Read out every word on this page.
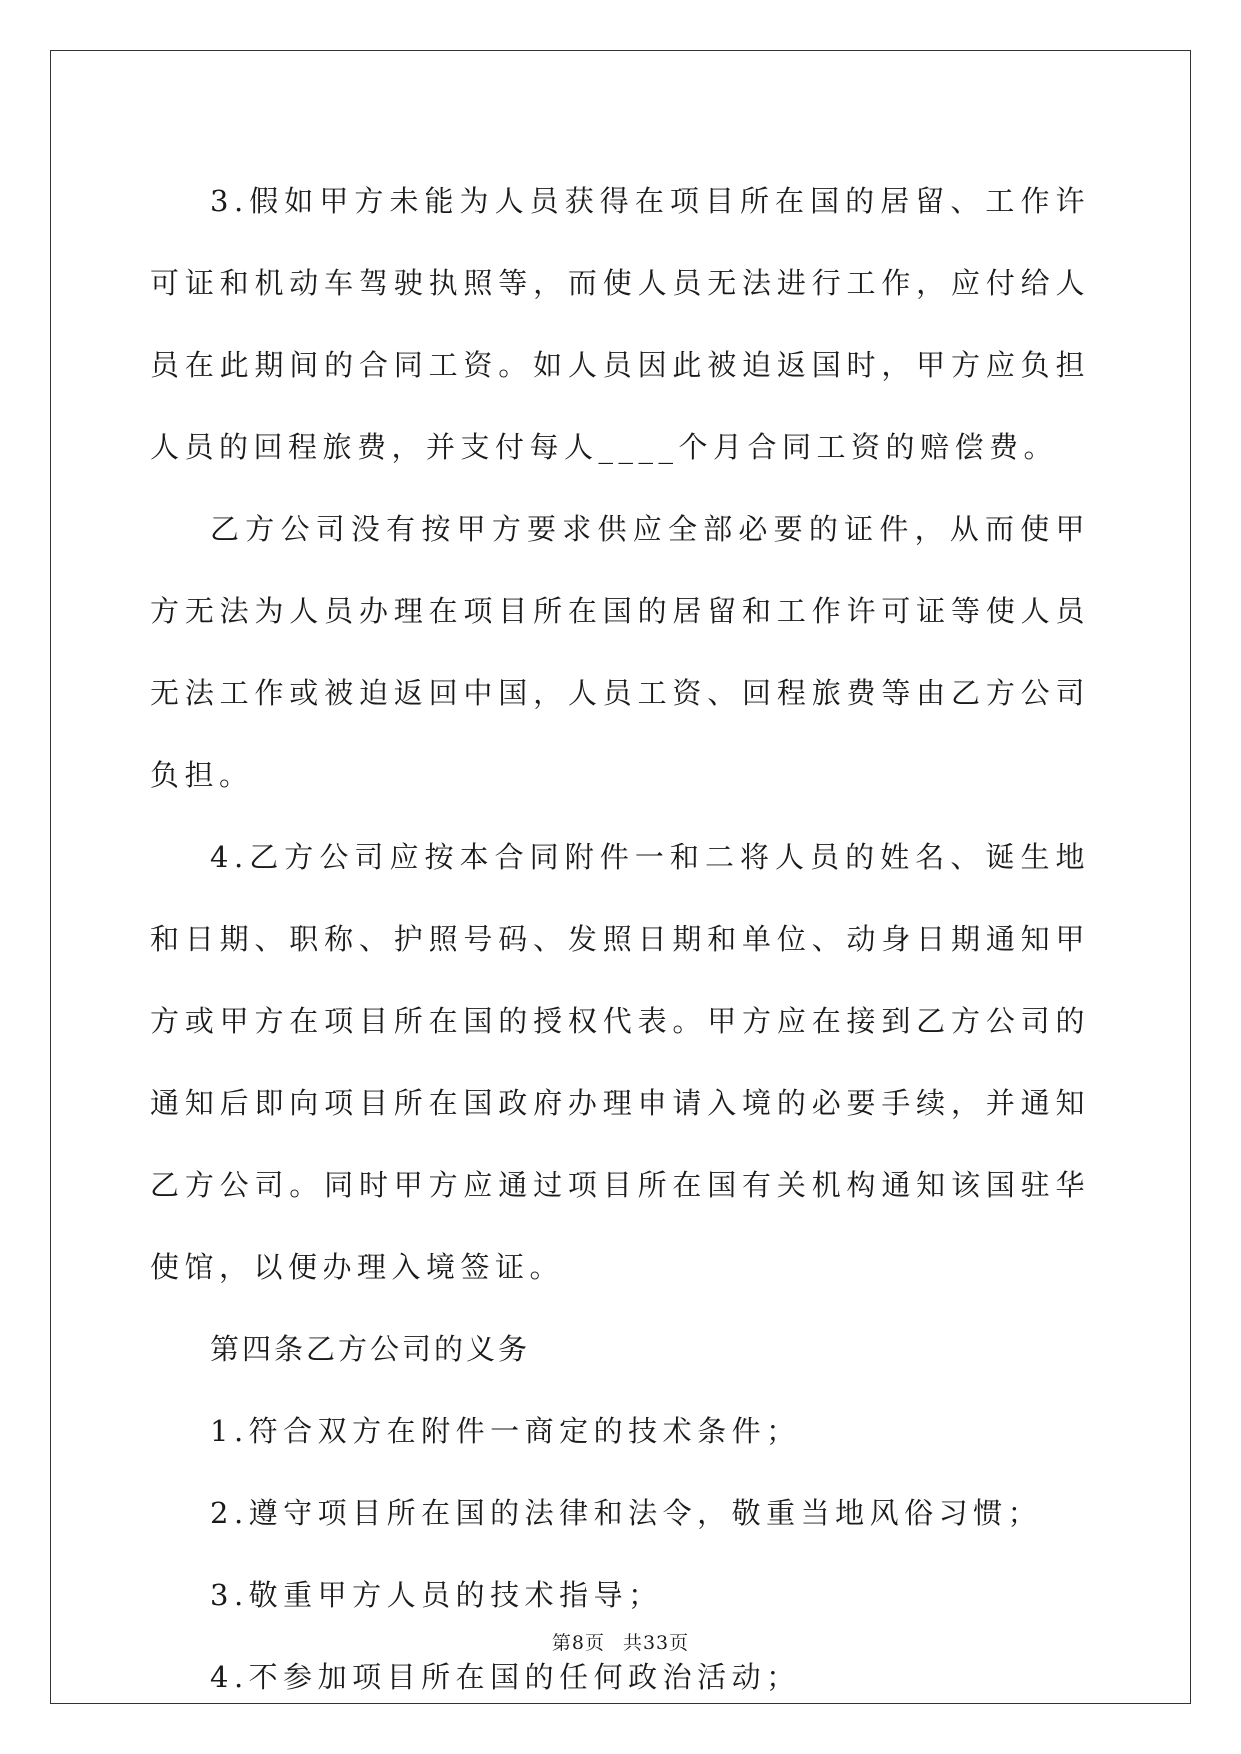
3.假如甲方未能为人员获得在项目所在国的居留、工作许可证和机动车驾驶执照等，而使人员无法进行工作，应付给人员在此期间的合同工资。如人员因此被迫返国时，甲方应负担人员的回程旅费，并支付每人____个月合同工资的赔偿费。

乙方公司没有按甲方要求供应全部必要的证件，从而使甲方无法为人员办理在项目所在国的居留和工作许可证等使人员无法工作或被迫返回中国，人员工资、回程旅费等由乙方公司负担。

4.乙方公司应按本合同附件一和二将人员的姓名、诞生地和日期、职称、护照号码、发照日期和单位、动身日期通知甲方或甲方在项目所在国的授权代表。甲方应在接到乙方公司的通知后即向项目所在国政府办理申请入境的必要手续，并通知乙方公司。同时甲方应通过项目所在国有关机构通知该国驻华使馆，以便办理入境签证。

第四条乙方公司的义务

1.符合双方在附件一商定的技术条件；

2.遵守项目所在国的法律和法令，敬重当地风俗习惯；

3.敬重甲方人员的技术指导；

4.不参加项目所在国的任何政治活动；

第8页 共33页
